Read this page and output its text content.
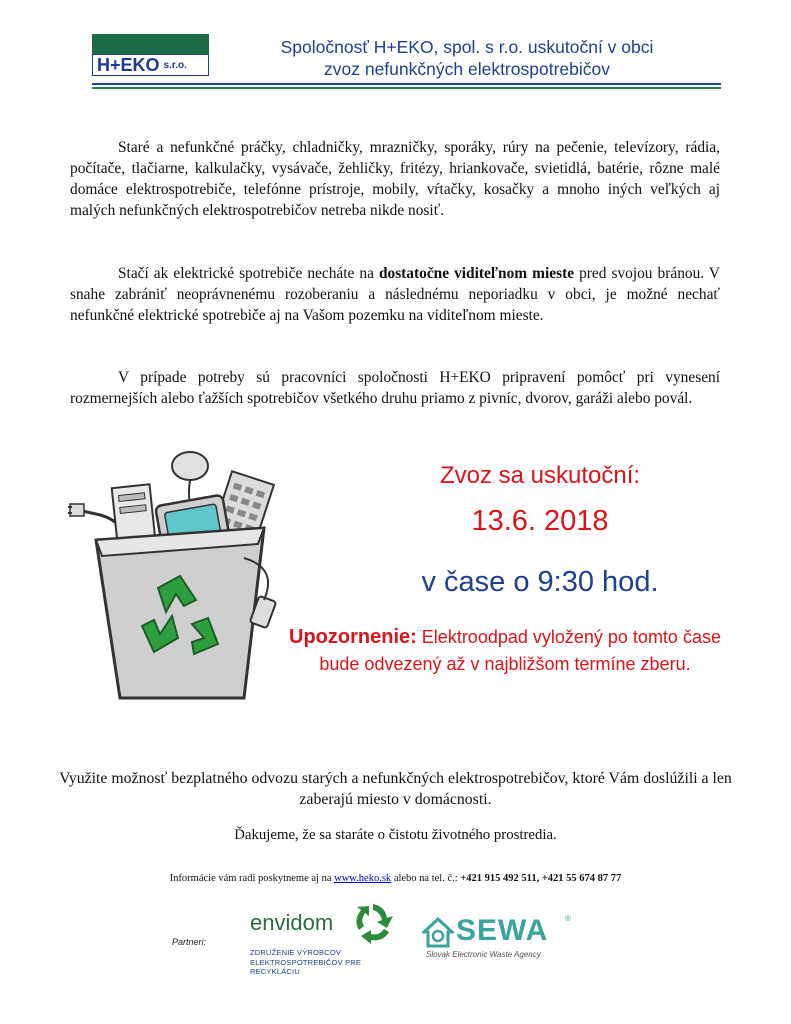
H+EKO s.r.o.
Spoločnosť H+EKO, spol. s r.o. uskutoční v obci
zvoz nefunkčných elektrospotrebičov

Staré a nefunkčné práčky, chladničky, mrazničky, sporáky, rúry na pečenie, televízory, rádia, počítače, tlačiarne, kalkulačky, vysávače, žehličky, fritézy, hriankovače, svietidlá, batérie, rôzne malé domáce elektrospotrebiče, telefónne prístroje, mobily, vŕtačky, kosačky a mnoho iných veľkých aj malých nefunkčných elektrospotrebičov netreba nikde nosiť.

Stačí ak elektrické spotrebiče necháte na dostatočne viditeľnom mieste pred svojou bránou. V snahe zabrániť neoprávnenému rozoberaniu a následnému neporiadku v obci, je možné nechať nefunkčné elektrické spotrebiče aj na Vašom pozemku na viditeľnom mieste.

V prípade potreby sú pracovníci spoločnosti H+EKO pripravení pomôcť pri vynesení rozmernejších alebo ťažších spotrebičov všetkého druhu priamo z pivníc, dvorov, garáži alebo povál.

Zvoz sa uskutoční:
13.6. 2018
v čase o 9:30 hod.
Upozornenie: Elektroodpad vyložený po tomto čase bude odvezený až v najbližšom termíne zberu.
Využite možnosť bezplatného odvozu starých a nefunkčných elektrospotrebičov, ktoré Vám doslúžili a len zaberajú miesto v domácnosti.
Ďakujeme, že sa staráte o čistotu životného prostredia.
Informácie vám radi poskytneme aj na www.heko.sk alebo na tel. č.: +421 915 492 511, +421 55 674 87 77
Partneri:
envidom
ZDRUŽENIE VÝROBCOV
ELEKTROSPOTREBIČOV PRE RECYKLÁCIU
SEWA ®
Slovak Electronic Waste Agency
